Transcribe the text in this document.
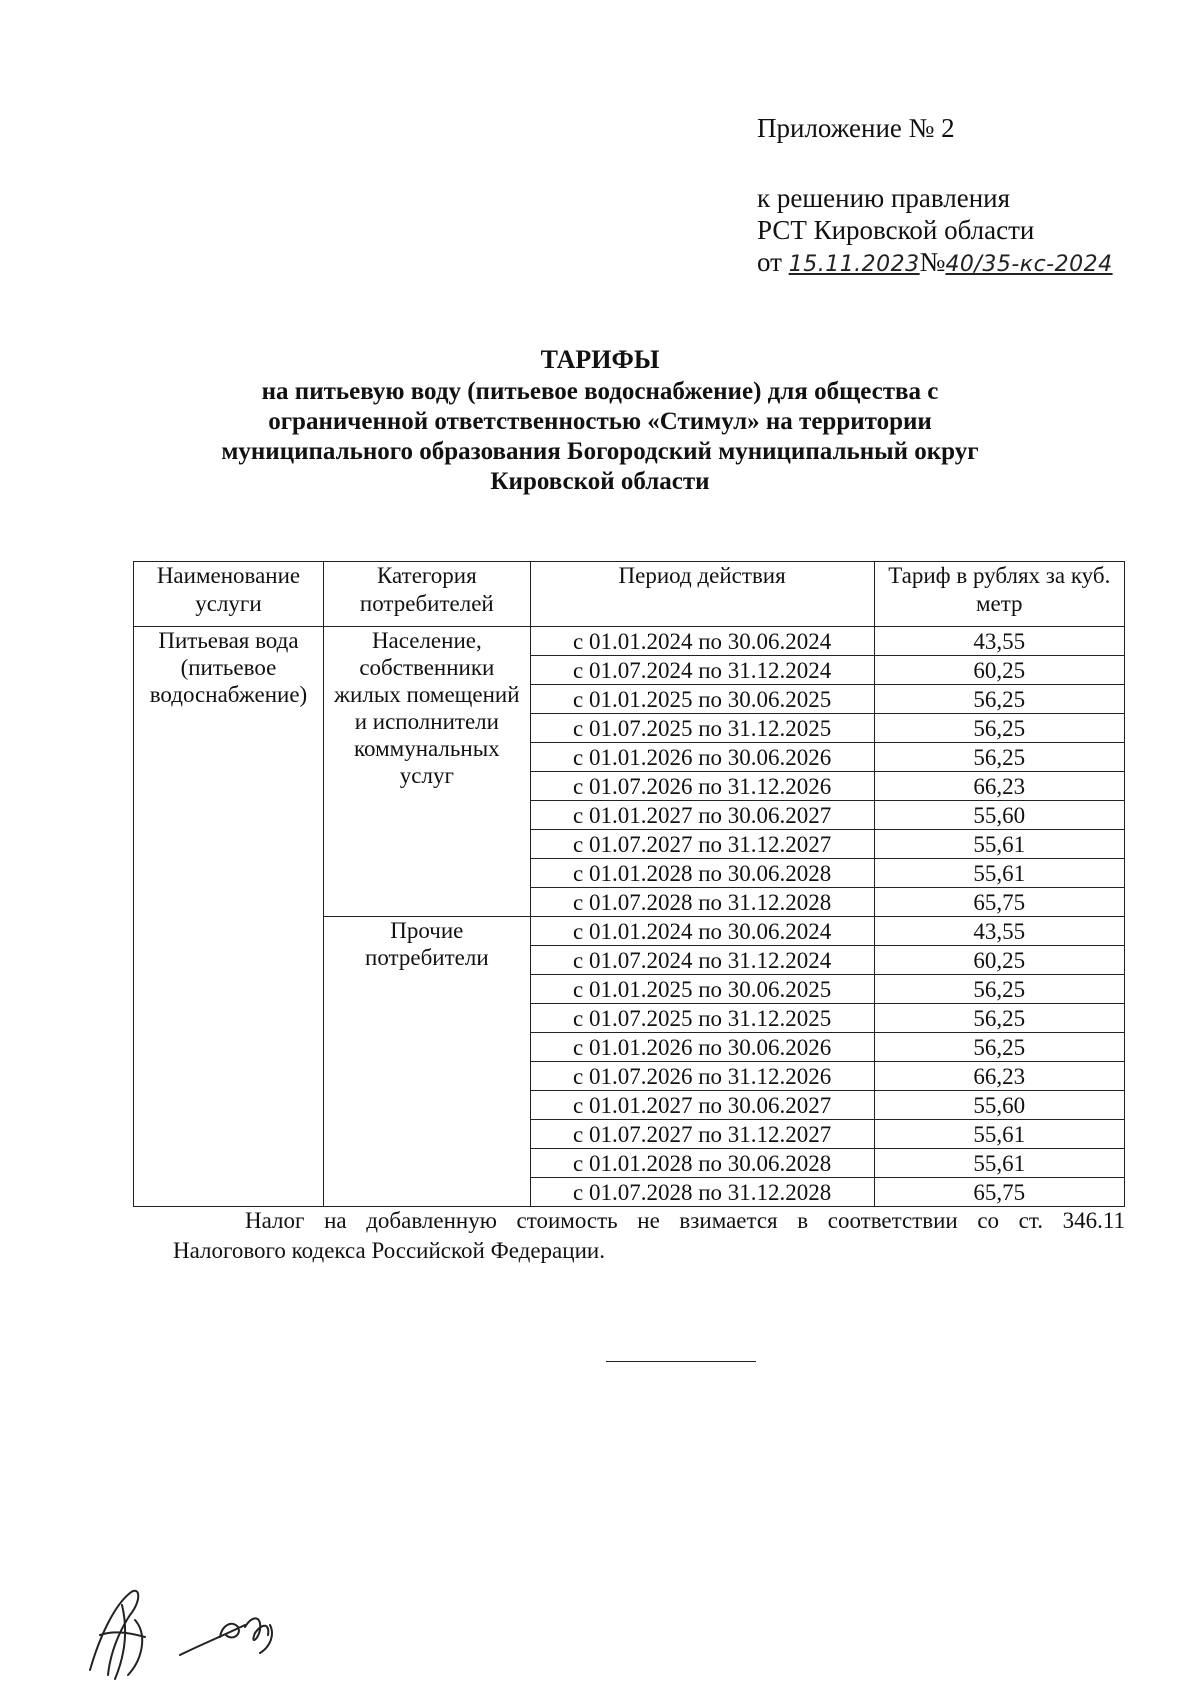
Приложение № 2
к решению правления
РСТ Кировской области
от 15.11.2023№40/35-кс-2024
ТАРИФЫ
на питьевую воду (питьевое водоснабжение) для общества с
ограниченной ответственностью «Стимул» на территории
муниципального образования Богородский муниципальный округ
Кировской области
Наименование услуги	Категория потребителей	Период действия	Тариф в рублях за куб. метр
Питьевая вода (питьевое водоснабжение)	Население, собственники жилых помещений и исполнители коммунальных услуг	с 01.01.2024 по 30.06.2024	43,55
		с 01.07.2024 по 31.12.2024	60,25
		с 01.01.2025 по 30.06.2025	56,25
		с 01.07.2025 по 31.12.2025	56,25
		с 01.01.2026 по 30.06.2026	56,25
		с 01.07.2026 по 31.12.2026	66,23
		с 01.01.2027 по 30.06.2027	55,60
		с 01.07.2027 по 31.12.2027	55,61
		с 01.01.2028 по 30.06.2028	55,61
		с 01.07.2028 по 31.12.2028	65,75
	Прочие потребители	с 01.01.2024 по 30.06.2024	43,55
		с 01.07.2024 по 31.12.2024	60,25
		с 01.01.2025 по 30.06.2025	56,25
		с 01.07.2025 по 31.12.2025	56,25
		с 01.01.2026 по 30.06.2026	56,25
		с 01.07.2026 по 31.12.2026	66,23
		с 01.01.2027 по 30.06.2027	55,60
		с 01.07.2027 по 31.12.2027	55,61
		с 01.01.2028 по 30.06.2028	55,61
		с 01.07.2028 по 31.12.2028	65,75
Налог на добавленную стоимость не взимается в соответствии со ст. 346.11
Налогового кодекса Российской Федерации.
